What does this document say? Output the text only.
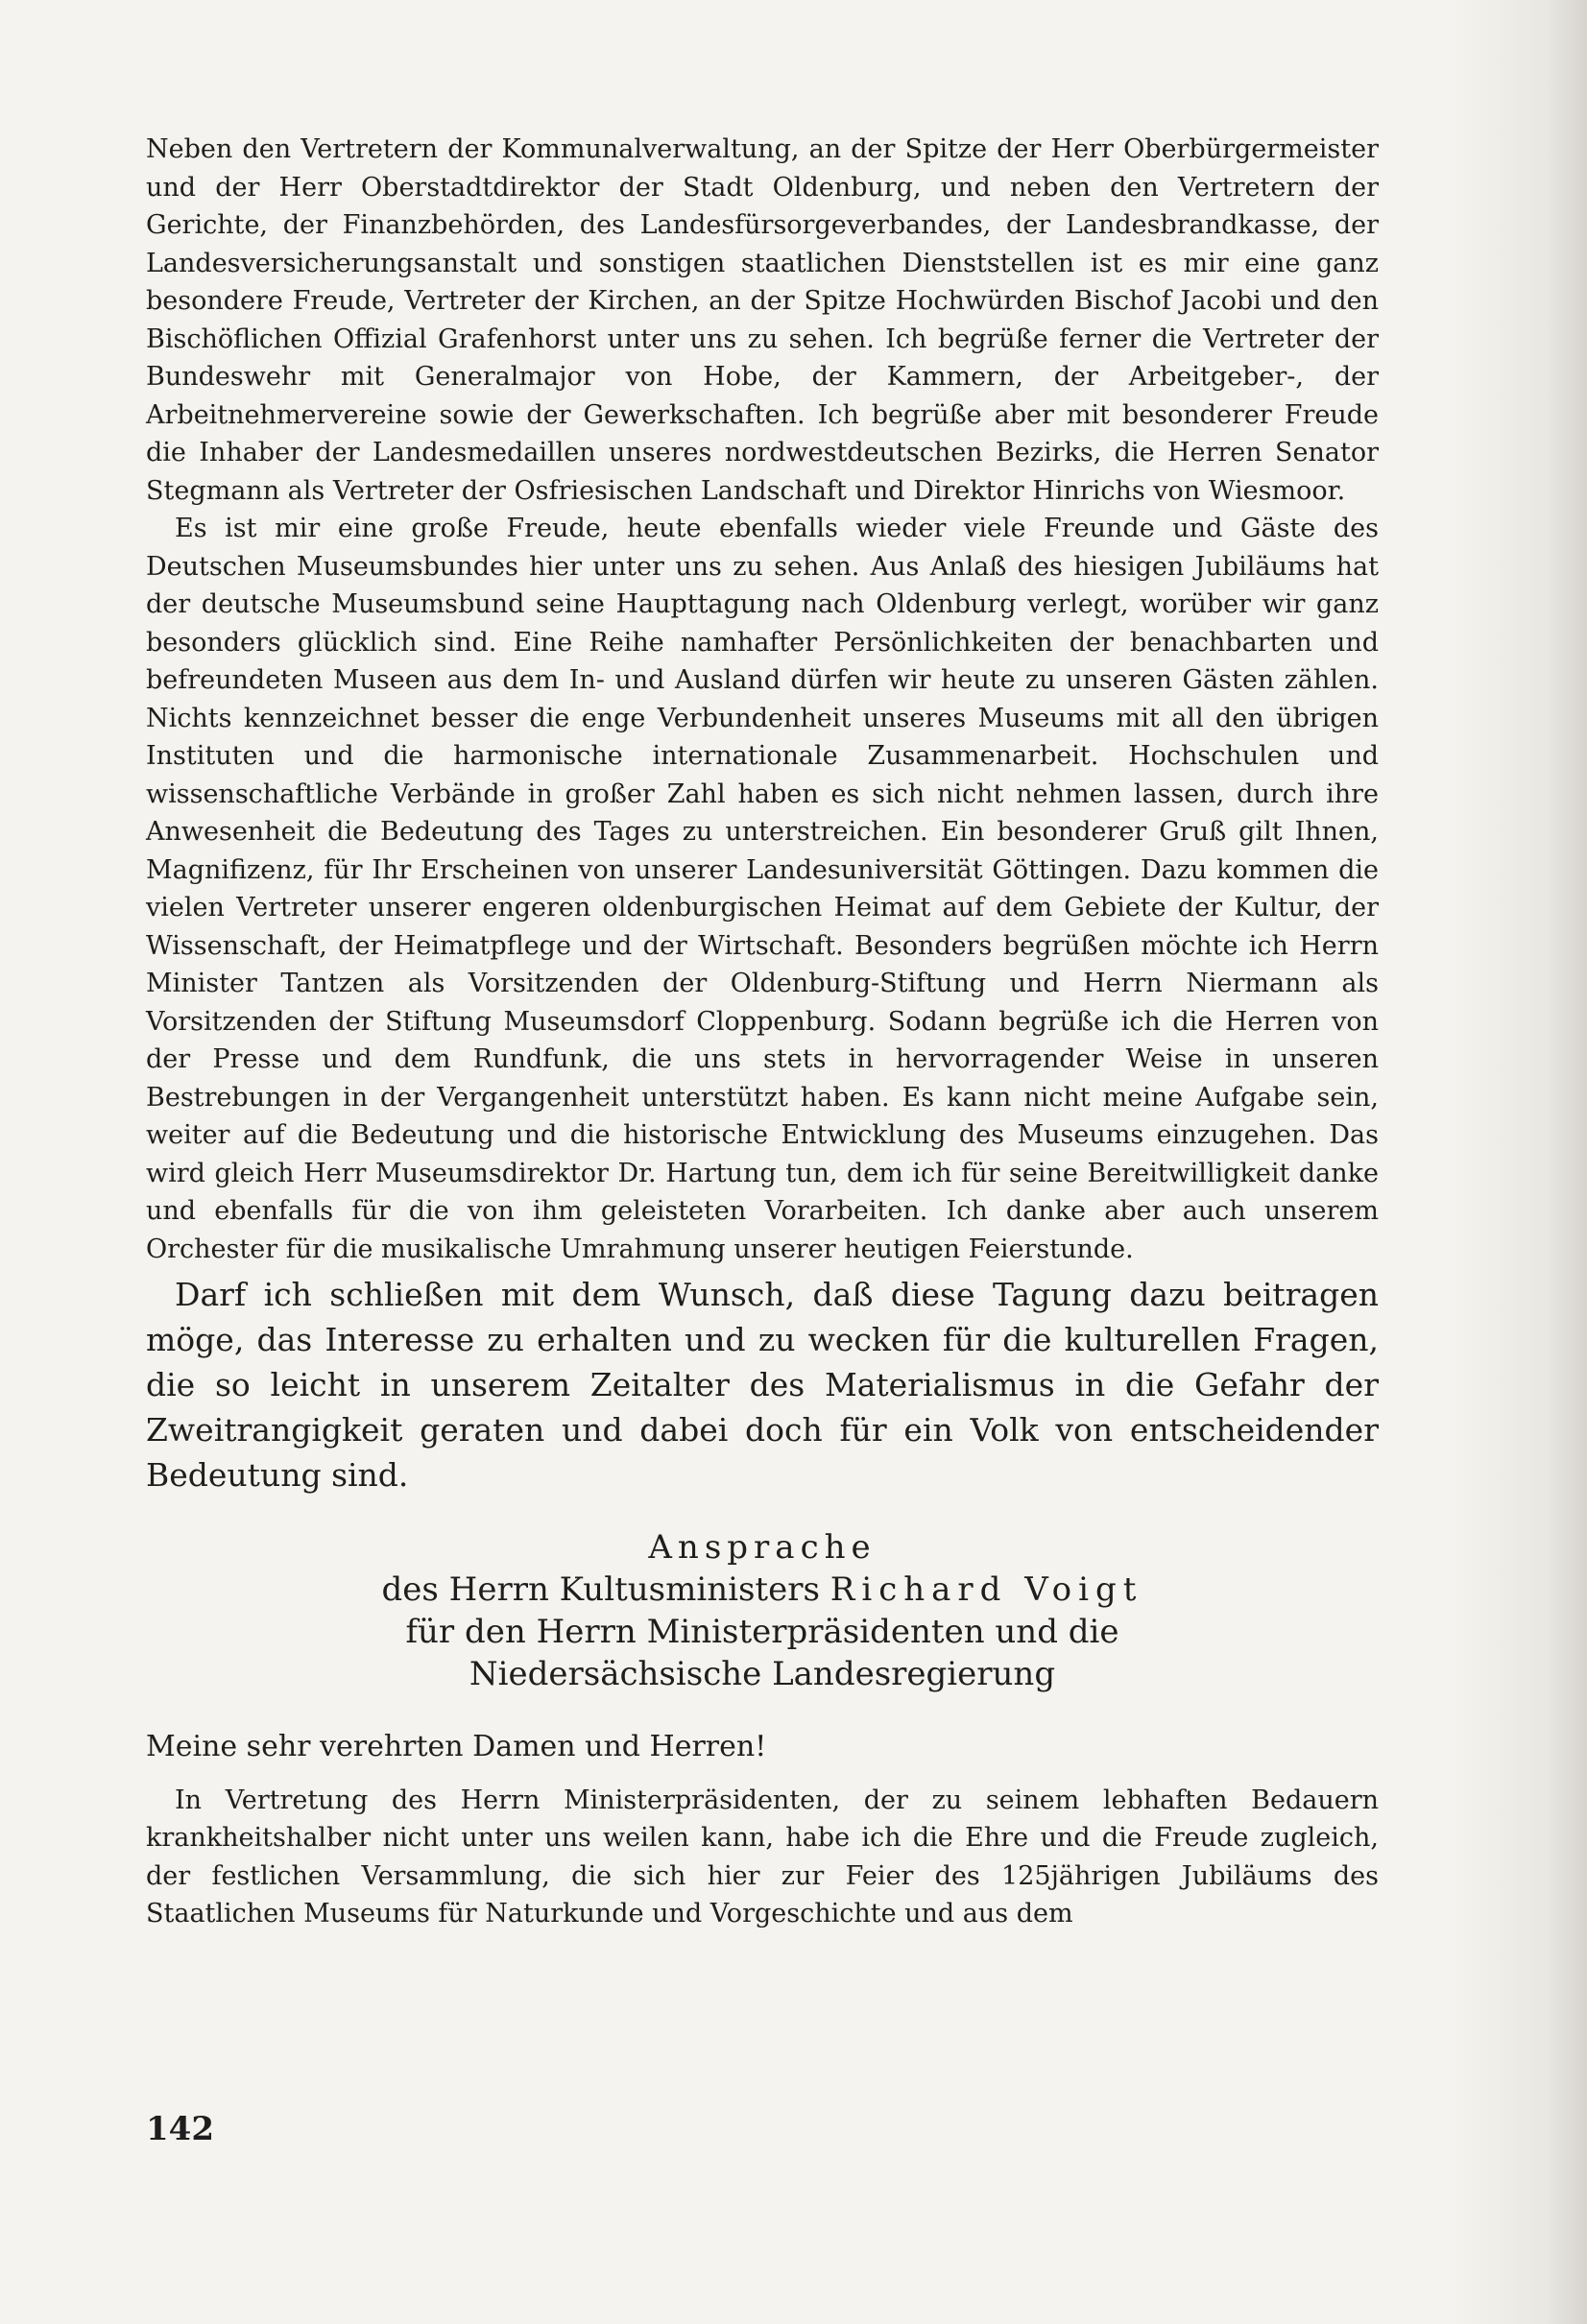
Neben den Vertretern der Kommunalverwaltung, an der Spitze der Herr Oberbürgermeister und der Herr Oberstadtdirektor der Stadt Oldenburg, und neben den Vertretern der Gerichte, der Finanzbehörden, des Landesfürsorgeverbandes, der Landesbrandkasse, der Landesversicherungsanstalt und sonstigen staatlichen Dienststellen ist es mir eine ganz besondere Freude, Vertreter der Kirchen, an der Spitze Hochwürden Bischof Jacobi und den Bischöflichen Offizial Grafenhorst unter uns zu sehen. Ich begrüße ferner die Vertreter der Bundeswehr mit Generalmajor von Hobe, der Kammern, der Arbeitgeber-, der Arbeitnehmervereine sowie der Gewerkschaften. Ich begrüße aber mit besonderer Freude die Inhaber der Landesmedaillen unseres nordwestdeutschen Bezirks, die Herren Senator Stegmann als Vertreter der Osfriesischen Landschaft und Direktor Hinrichs von Wiesmoor.

Es ist mir eine große Freude, heute ebenfalls wieder viele Freunde und Gäste des Deutschen Museumsbundes hier unter uns zu sehen. Aus Anlaß des hiesigen Jubiläums hat der deutsche Museumsbund seine Haupttagung nach Oldenburg verlegt, worüber wir ganz besonders glücklich sind. Eine Reihe namhafter Persönlichkeiten der benachbarten und befreundeten Museen aus dem In- und Ausland dürfen wir heute zu unseren Gästen zählen. Nichts kennzeichnet besser die enge Verbundenheit unseres Museums mit all den übrigen Instituten und die harmonische internationale Zusammenarbeit. Hochschulen und wissenschaftliche Verbände in großer Zahl haben es sich nicht nehmen lassen, durch ihre Anwesenheit die Bedeutung des Tages zu unterstreichen. Ein besonderer Gruß gilt Ihnen, Magnifizenz, für Ihr Erscheinen von unserer Landesuniversität Göttingen. Dazu kommen die vielen Vertreter unserer engeren oldenburgischen Heimat auf dem Gebiete der Kultur, der Wissenschaft, der Heimatpflege und der Wirtschaft. Besonders begrüßen möchte ich Herrn Minister Tantzen als Vorsitzenden der Oldenburg-Stiftung und Herrn Niermann als Vorsitzenden der Stiftung Museumsdorf Cloppenburg. Sodann begrüße ich die Herren von der Presse und dem Rundfunk, die uns stets in hervorragender Weise in unseren Bestrebungen in der Vergangenheit unterstützt haben. Es kann nicht meine Aufgabe sein, weiter auf die Bedeutung und die historische Entwicklung des Museums einzugehen. Das wird gleich Herr Museumsdirektor Dr. Hartung tun, dem ich für seine Bereitwilligkeit danke und ebenfalls für die von ihm geleisteten Vorarbeiten. Ich danke aber auch unserem Orchester für die musikalische Umrahmung unserer heutigen Feierstunde.

Darf ich schließen mit dem Wunsch, daß diese Tagung dazu beitragen möge, das Interesse zu erhalten und zu wecken für die kulturellen Fragen, die so leicht in unserem Zeitalter des Materialismus in die Gefahr der Zweitrangigkeit geraten und dabei doch für ein Volk von entscheidender Bedeutung sind.

Ansprache

des Herrn Kultusministers Richard Voigt

für den Herrn Ministerpräsidenten und die

Niedersächsische Landesregierung

Meine sehr verehrten Damen und Herren!

In Vertretung des Herrn Ministerpräsidenten, der zu seinem lebhaften Bedauern krankheitshalber nicht unter uns weilen kann, habe ich die Ehre und die Freude zugleich, der festlichen Versammlung, die sich hier zur Feier des 125jährigen Jubiläums des Staatlichen Museums für Naturkunde und Vorgeschichte und aus dem

142
